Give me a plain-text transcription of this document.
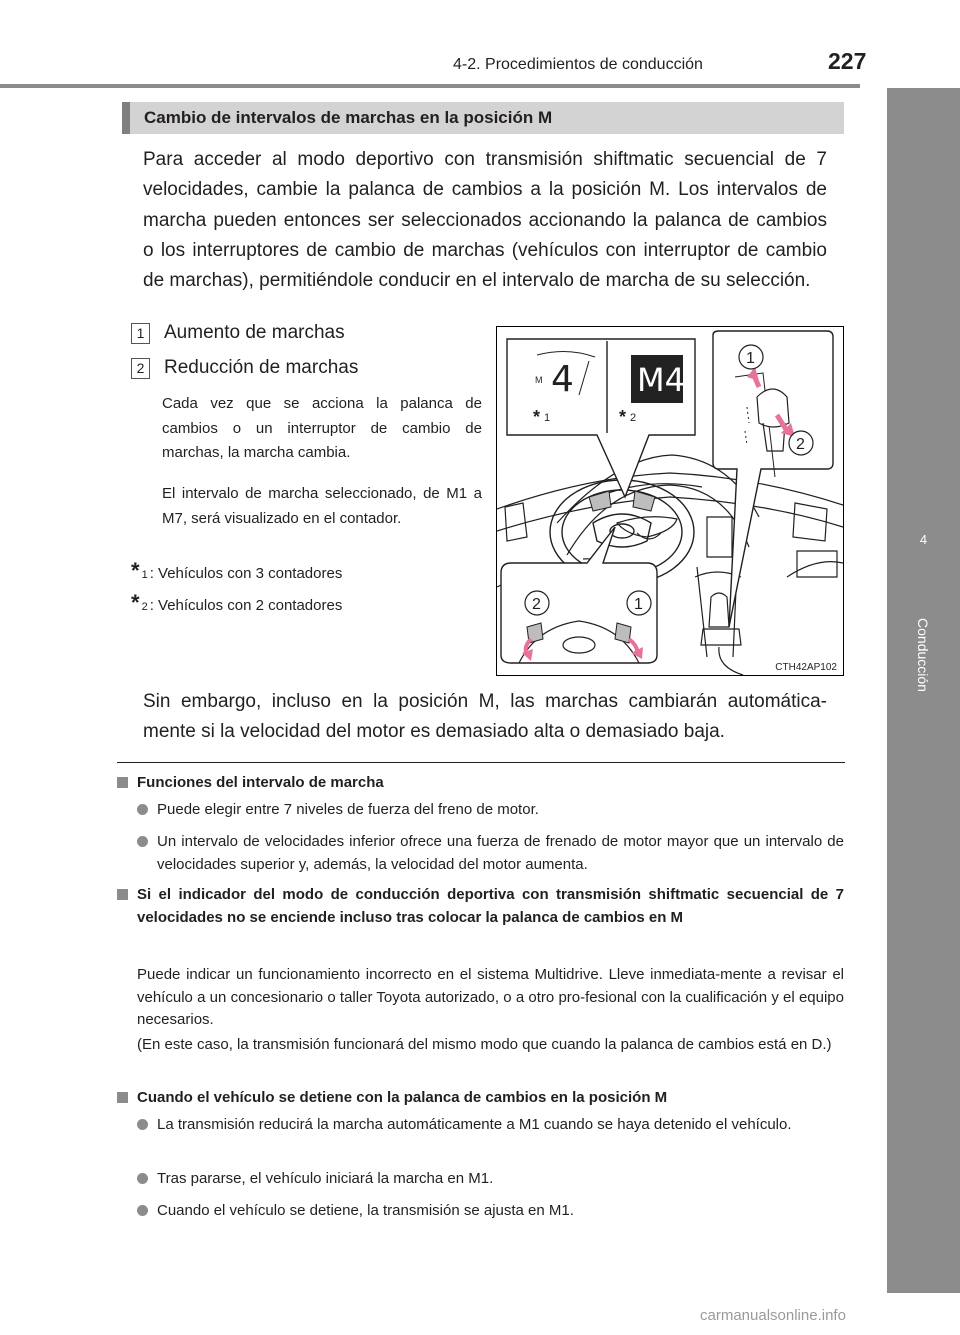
4-2. Procedimientos de conducción	227
4
Conducción
Cambio de intervalos de marchas en la posición M

Para acceder al modo deportivo con transmisión shiftmatic secuencial de 7 velocidades, cambie la palanca de cambios a la posición M. Los intervalos de marcha pueden entonces ser seleccionados accionando la palanca de cambios o los interruptores de cambio de marchas (vehículos con interruptor de cambio de marchas), permitiéndole conducir en el intervalo de marcha de su selección.

1 Aumento de marchas
2 Reducción de marchas

Cada vez que se acciona la palanca de cambios o un interruptor de cambio de marchas, la marcha cambia.

El intervalo de marcha seleccionado, de M1 a M7, será visualizado en el contador.

$*_1$ : Vehículos con 3 contadores
$*_2$ : Vehículos con 2 contadores
M 4 M4
* 1	* 2
1
2
2	1
CTH42AP102

Sin embargo, incluso en la posición M, las marchas cambiarán automática-mente si la velocidad del motor es demasiado alta o demasiado baja.

Funciones del intervalo de marcha
Puede elegir entre 7 niveles de fuerza del freno de motor.
Un intervalo de velocidades inferior ofrece una fuerza de frenado de motor mayor que un intervalo de velocidades superior y, además, la velocidad del motor aumenta.
Si el indicador del modo de conducción deportiva con transmisión shiftmatic secuencial de 7 velocidades no se enciende incluso tras colocar la palanca de cambios en M
Puede indicar un funcionamiento incorrecto en el sistema Multidrive. Lleve inmediata-mente a revisar el vehículo a un concesionario o taller Toyota autorizado, o a otro pro-fesional con la cualificación y el equipo necesarios.
(En este caso, la transmisión funcionará del mismo modo que cuando la palanca de cambios está en D.)
Cuando el vehículo se detiene con la palanca de cambios en la posición M
La transmisión reducirá la marcha automáticamente a M1 cuando se haya detenido el vehículo.
Tras pararse, el vehículo iniciará la marcha en M1.
Cuando el vehículo se detiene, la transmisión se ajusta en M1.
carmanualsonline.info
